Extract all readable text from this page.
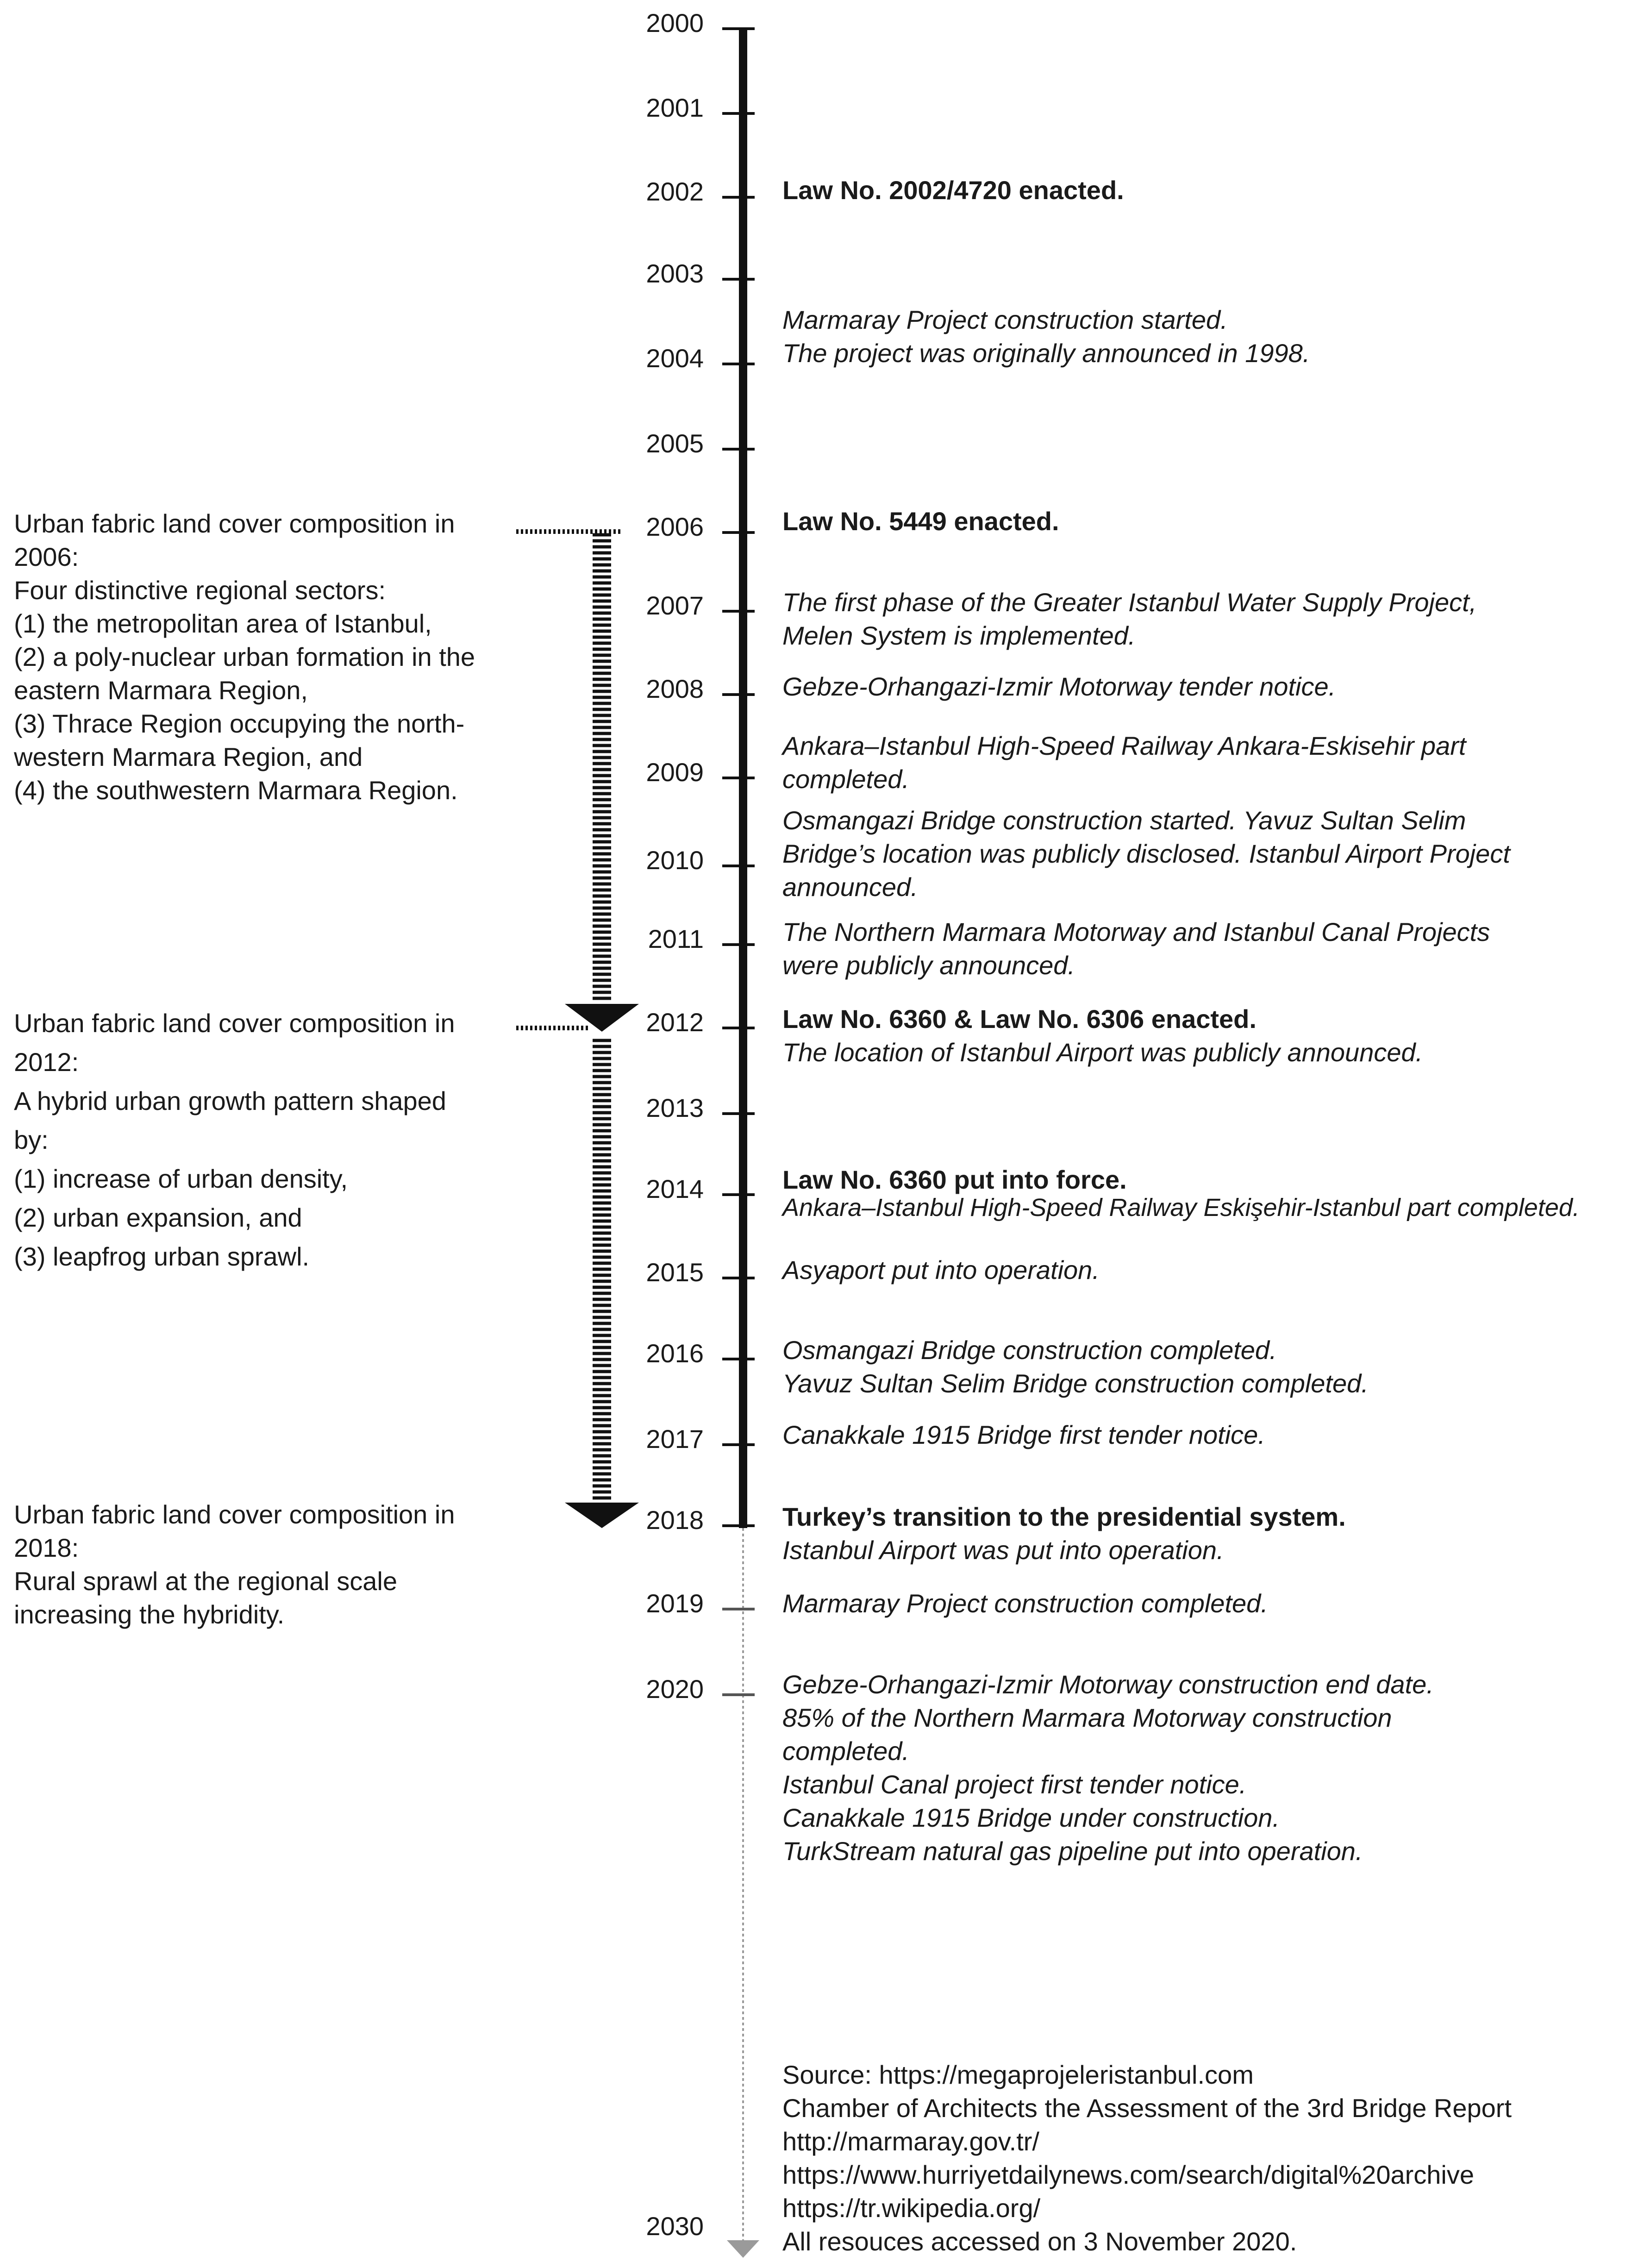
2000
2001
2002
2003
2004
2005
2006
2007
2008
2009
2010
2011
2012
2013
2014
2015
2016
2017
2018
2019
2020
2030
Law No. 2002/4720 enacted.
Marmaray Project construction started.
The project was originally announced in 1998.
Law No. 5449 enacted.
The first phase of the Greater Istanbul Water Supply Project,
Melen System is implemented.
Gebze-Orhangazi-Izmir Motorway tender notice.
Ankara–Istanbul High-Speed Railway Ankara-Eskisehir part
completed.
Osmangazi Bridge construction started. Yavuz Sultan Selim
Bridge’s location was publicly disclosed. Istanbul Airport Project
announced.
The Northern Marmara Motorway and Istanbul Canal Projects
were publicly announced.
Law No. 6360 & Law No. 6306 enacted.
The location of Istanbul Airport was publicly announced.
Law No. 6360 put into force.
Ankara–Istanbul High-Speed Railway Eskişehir-Istanbul part completed.
Asyaport put into operation.
Osmangazi Bridge construction completed.
Yavuz Sultan Selim Bridge construction completed.
Canakkale 1915 Bridge first tender notice.
Turkey’s transition to the presidential system.
Istanbul Airport was put into operation.
Marmaray Project construction completed.
Gebze-Orhangazi-Izmir Motorway construction end date.
85% of the Northern Marmara Motorway construction
completed.
Istanbul Canal project first tender notice.
Canakkale 1915 Bridge under construction.
TurkStream natural gas pipeline put into operation.
Urban fabric land cover composition in
2006:
Four distinctive regional sectors:
(1) the metropolitan area of Istanbul,
(2) a poly-nuclear urban formation in the
eastern Marmara Region,
(3) Thrace Region occupying the north-
western Marmara Region, and
(4) the southwestern Marmara Region.
Urban fabric land cover composition in
2012:
A hybrid urban growth pattern shaped
by:
(1) increase of urban density,
(2) urban expansion, and
(3) leapfrog urban sprawl.
Urban fabric land cover composition in
2018:
Rural sprawl at the regional scale
increasing the hybridity.
Source: https://megaprojeleristanbul.com
Chamber of Architects the Assessment of the 3rd Bridge Report
http://marmaray.gov.tr/
https://www.hurriyetdailynews.com/search/digital%20archive
https://tr.wikipedia.org/
All resouces accessed on 3 November 2020.
